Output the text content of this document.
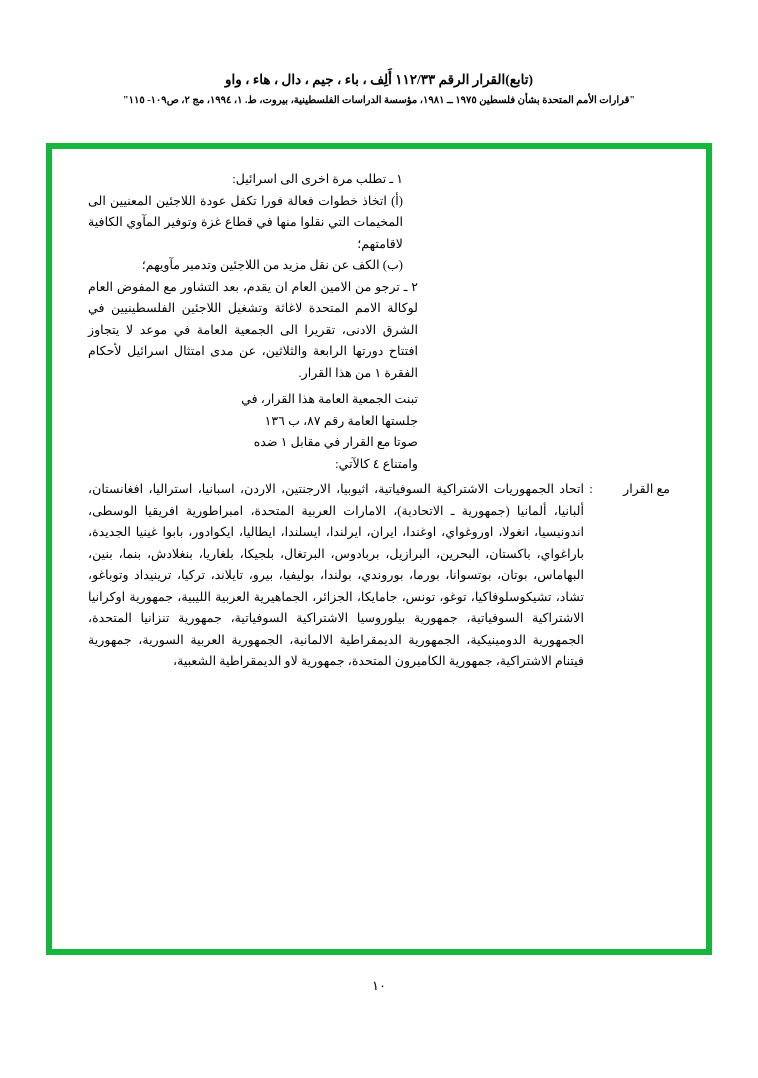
(تابع)القرار الرقم ١١٢/٣٣ أَلِف ، باء ، جيم ، دال ، هاء ، واو
"قرارات الأمم المتحدة بشأن فلسطين ١٩٧٥ ــ ١٩٨١، مؤسسة الدراسات الفلسطينية، بيروت، ط. ١، ١٩٩٤، مج ٢، ص١٠٩- ١١٥"

١ ـ تطلب مرة اخرى الى اسرائيل:

(أ) اتخاذ خطوات فعالة فورا تكفل عودة اللاجئين المعنيين الى المخيمات التي نقلوا منها في قطاع غزة وتوفير المآوي الكافية لاقامتهم؛

(ب) الكف عن نقل مزيد من اللاجئين وتدمير مآويهم؛

٢ ـ ترجو من الامين العام ان يقدم، بعد التشاور مع المفوض العام لوكالة الامم المتحدة لاغاثة وتشغيل اللاجئين الفلسطينيين في الشرق الادنى، تقريرا الى الجمعية العامة في موعد لا يتجاوز افتتاح دورتها الرابعة والثلاثين، عن مدى امتثال اسرائيل لأحكام الفقرة ١ من هذا القرار.

تبنت الجمعية العامة هذا القرار، في
جلستها العامة رقم ٨٧، ب ١٣٦
صوتا مع القرار في مقابل ١ ضده
وامتناع ٤ كالآتي:
مع القرار
:
اتحاد الجمهوريات الاشتراكية السوفياتية، اثيوبيا، الارجنتين، الاردن، اسبانيا، استراليا، افغانستان، ألبانيا، ألمانيا (جمهورية ـ الاتحادية)، الامارات العربية المتحدة، امبراطورية افريقيا الوسطى، اندونيسيا، انغولا، اوروغواي، اوغندا، ايران، ايرلندا، ايسلندا، ايطاليا، ايكوادور، بابوا غينيا الجديدة، باراغواي، باكستان، البحرين، البرازيل، بربادوس، البرتغال، بلجيكا، بلغاريا، بنغلادش، بنما، بنين، البهاماس، بوتان، بوتسوانا، بورما، بوروندي، بولندا، بوليفيا، بيرو، تايلاند، تركيا، ترينيداد وتوباغو، تشاد، تشيكوسلوفاكيا، توغو، تونس، جامايكا، الجزائر، الجماهيرية العربية الليبية، جمهورية اوكرانيا الاشتراكية السوفياتية، جمهورية بيلوروسيا الاشتراكية السوفياتية، جمهورية تنزانيا المتحدة، الجمهورية الدومينيكية، الجمهورية الديمقراطية الالمانية، الجمهورية العربية السورية، جمهورية فيتنام الاشتراكية، جمهورية الكاميرون المتحدة، جمهورية لاو الديمقراطية الشعبية،
١٠
